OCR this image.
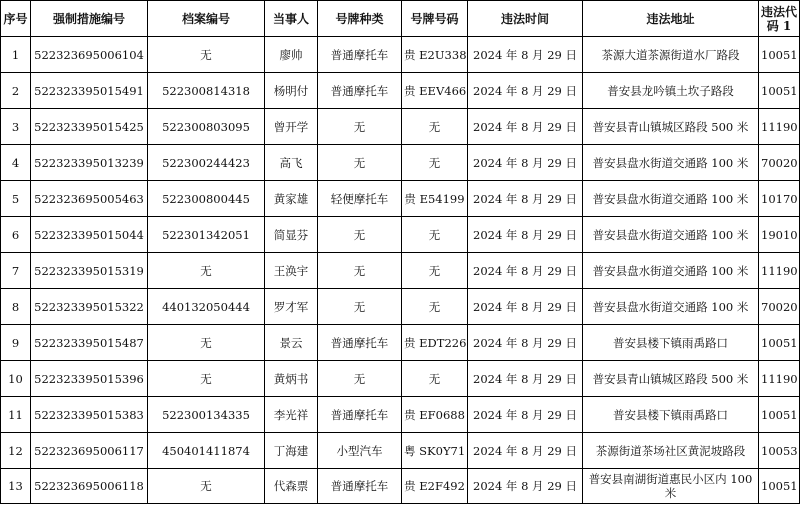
序号	强制措施编号	档案编号	当事人	号牌种类	号牌号码	违法时间	违法地址	违法代码 1
1	522323695006104	无	廖帅	普通摩托车	贵 E2U338	2024 年 8 月 29 日	茶源大道茶源街道水厂路段	10051
2	522323395015491	522300814318	杨明付	普通摩托车	贵 EEV466	2024 年 8 月 29 日	普安县龙吟镇土坎子路段	10051
3	522323395015425	522300803095	曾开学	无	无	2024 年 8 月 29 日	普安县青山镇城区路段 500 米	11190
4	522323395013239	522300244423	高飞	无	无	2024 年 8 月 29 日	普安县盘水街道交通路 100 米	70020
5	522323695005463	522300800445	黄家雄	轻便摩托车	贵 E54199	2024 年 8 月 29 日	普安县盘水街道交通路 100 米	10170
6	522323395015044	522301342051	简显芬	无	无	2024 年 8 月 29 日	普安县盘水街道交通路 100 米	19010
7	522323395015319	无	王涣宇	无	无	2024 年 8 月 29 日	普安县盘水街道交通路 100 米	11190
8	522323395015322	440132050444	罗才军	无	无	2024 年 8 月 29 日	普安县盘水街道交通路 100 米	70020
9	522323395015487	无	景云	普通摩托车	贵 EDT226	2024 年 8 月 29 日	普安县楼下镇雨禹路口	10051
10	522323395015396	无	黄炳书	无	无	2024 年 8 月 29 日	普安县青山镇城区路段 500 米	11190
11	522323395015383	522300134335	李光祥	普通摩托车	贵 EF0688	2024 年 8 月 29 日	普安县楼下镇雨禹路口	10051
12	522323695006117	450401411874	丁海建	小型汽车	粤 SK0Y71	2024 年 8 月 29 日	茶源街道茶场社区黄泥坡路段	10053
13	522323695006118	无	代森票	普通摩托车	贵 E2F492	2024 年 8 月 29 日	普安县南湖街道惠民小区内 100 米	10051
